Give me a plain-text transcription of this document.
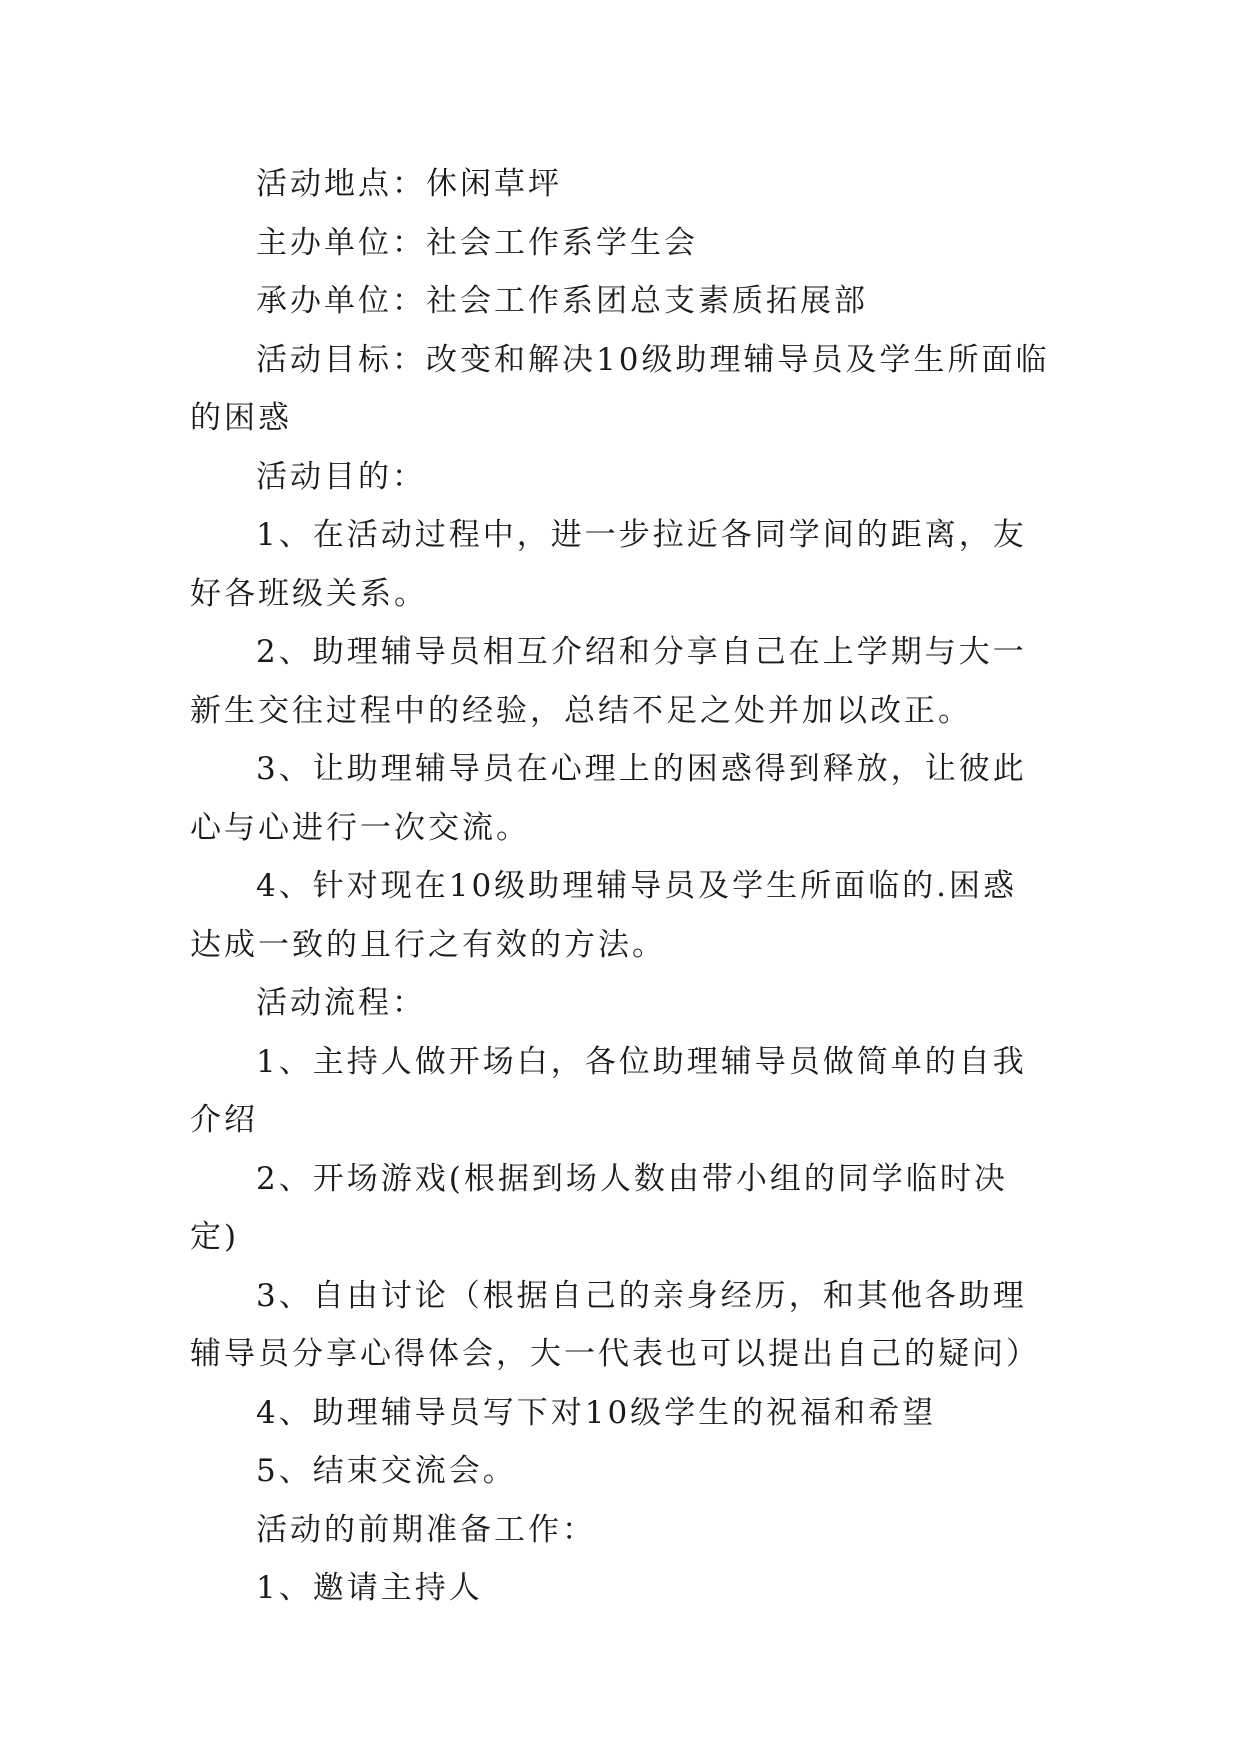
活动地点：休闲草坪

主办单位：社会工作系学生会

承办单位：社会工作系团总支素质拓展部

活动目标：改变和解决10级助理辅导员及学生所面临的困惑

活动目的：

1、在活动过程中，进一步拉近各同学间的距离，友好各班级关系。

2、助理辅导员相互介绍和分享自己在上学期与大一新生交往过程中的经验，总结不足之处并加以改正。

3、让助理辅导员在心理上的困惑得到释放，让彼此心与心进行一次交流。

4、针对现在10级助理辅导员及学生所面临的.困惑达成一致的且行之有效的方法。

活动流程：

1、主持人做开场白，各位助理辅导员做简单的自我介绍

2、开场游戏(根据到场人数由带小组的同学临时决定)

3、自由讨论（根据自己的亲身经历，和其他各助理辅导员分享心得体会，大一代表也可以提出自己的疑问）

4、助理辅导员写下对10级学生的祝福和希望

5、结束交流会。

活动的前期准备工作：

1、邀请主持人
